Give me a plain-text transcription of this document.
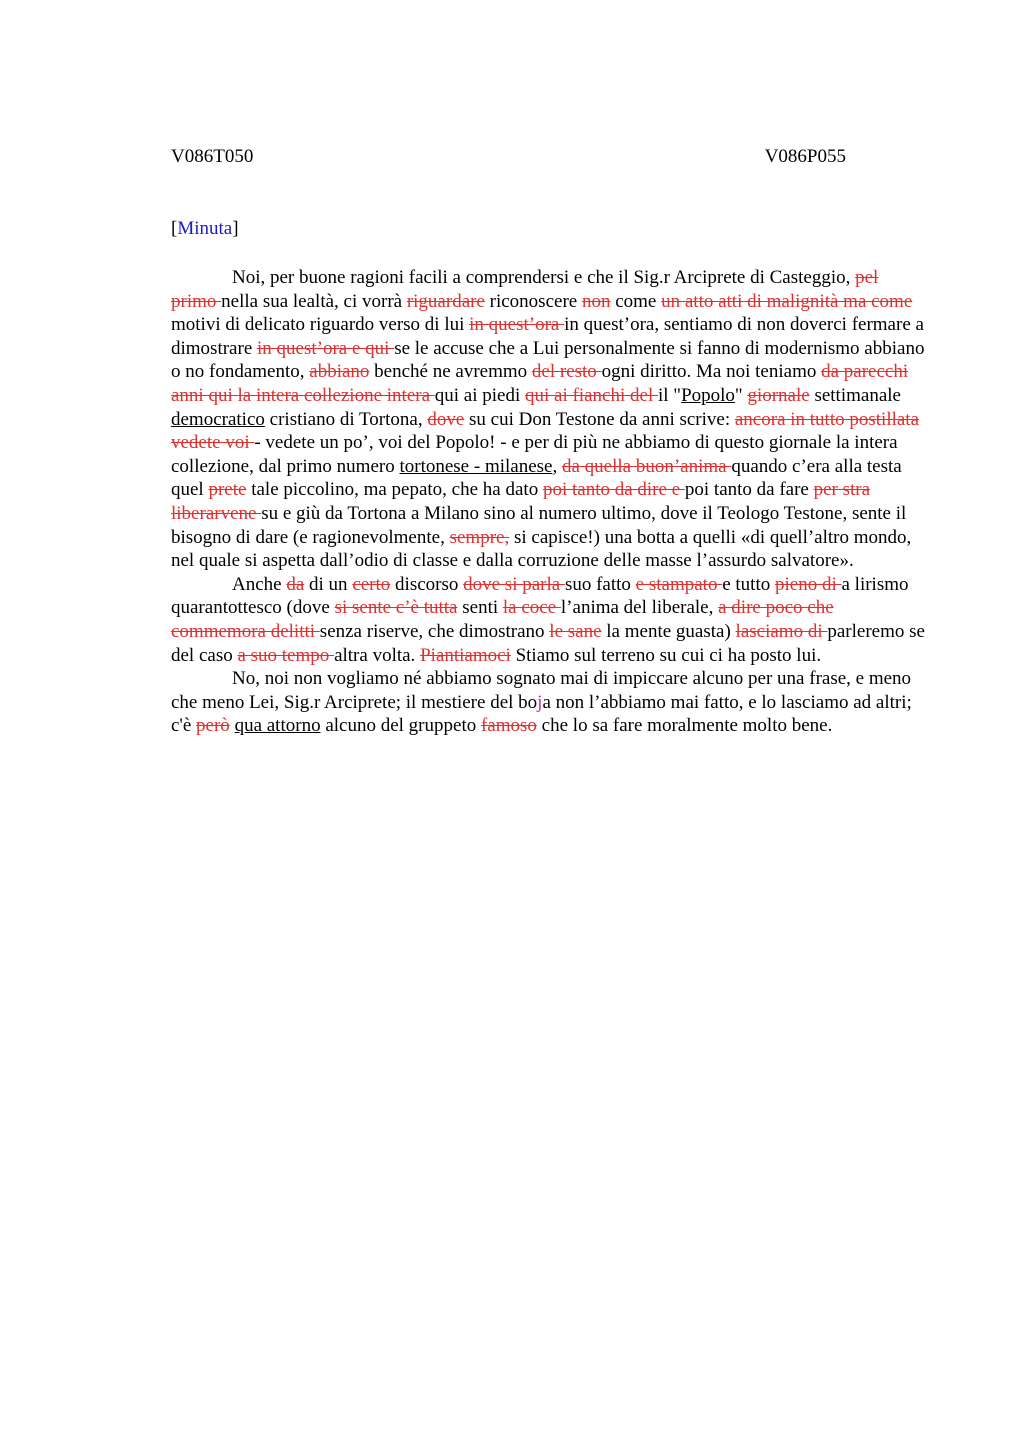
V086T050	V086P055
[Minuta]

Noi, per buone ragioni facili a comprendersi e che il Sig.r Arciprete di Casteggio, pel primo nella sua lealtà, ci vorrà riguardare riconoscere non come un atto atti di malignità ma come motivi di delicato riguardo verso di lui in quest’ora in quest’ora, sentiamo di non doverci fermare a dimostrare in quest’ora e qui se le accuse che a Lui personalmente si fanno di modernismo abbiano o no fondamento, abbiano benché ne avremmo del resto ogni diritto. Ma noi teniamo da parecchi anni qui la intera collezione intera qui ai piedi qui ai fianchi del il "Popolo" giornale settimanale democratico cristiano di Tortona, dove su cui Don Testone da anni scrive: ancora in tutto postillata vedete voi - vedete un po’, voi del Popolo! - e per di più ne abbiamo di questo giornale la intera collezione, dal primo numero tortonese - milanese, da quella buon’anima quando c’era alla testa quel prete tale piccolino, ma pepato, che ha dato poi tanto da dire e poi tanto da fare per stra liberarvene su e giù da Tortona a Milano sino al numero ultimo, dove il Teologo Testone, sente il bisogno di dare (e ragionevolmente, sempre, si capisce!) una botta a quelli «di quell’altro mondo, nel quale si aspetta dall’odio di classe e dalla corruzione delle masse l’assurdo salvatore».

Anche da di un certo discorso dove si parla suo fatto e stampato e tutto pieno di a lirismo quarantottesco (dove si sente c’è tutta senti la coce l’anima del liberale, a dire poco che commemora delitti senza riserve, che dimostrano le sane la mente guasta) lasciamo di parleremo se del caso a suo tempo altra volta. Piantiamoci Stiamo sul terreno su cui ci ha posto lui.

No, noi non vogliamo né abbiamo sognato mai di impiccare alcuno per una frase, e meno che meno Lei, Sig.r Arciprete; il mestiere del boja non l’abbiamo mai fatto, e lo lasciamo ad altri; c'è però qua attorno alcuno del gruppeto famoso che lo sa fare moralmente molto bene.
